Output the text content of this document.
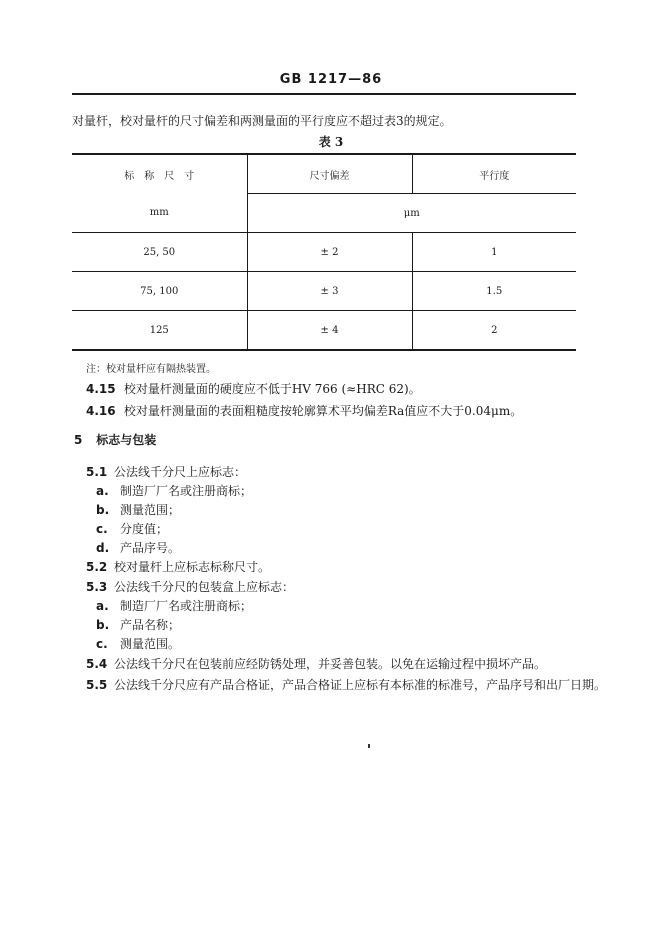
GB 1217—86
对量杆，校对量杆的尺寸偏差和两测量面的平行度应不超过表3的规定。
表 3
标　称　尺　寸	尺寸偏差	平行度
mm	μm	
25, 50	± 2	1
75, 100	± 3	1.5
125	± 4	2
注：校对量杆应有隔热装置。
4.15 校对量杆测量面的硬度应不低于HV 766 (≈HRC 62)。
4.16 校对量杆测量面的表面粗糙度按轮廓算术平均偏差Ra值应不大于0.04μm。
5 标志与包装
5.1 公法线千分尺上应标志：
a. 制造厂厂名或注册商标；
b. 测量范围；
c. 分度值；
d. 产品序号。
5.2 校对量杆上应标志标称尺寸。
5.3 公法线千分尺的包装盒上应标志：
a. 制造厂厂名或注册商标；
b. 产品名称；
c. 测量范围。
5.4 公法线千分尺在包装前应经防锈处理，并妥善包装。以免在运输过程中损坏产品。
5.5 公法线千分尺应有产品合格证，产品合格证上应标有本标准的标准号，产品序号和出厂日期。
